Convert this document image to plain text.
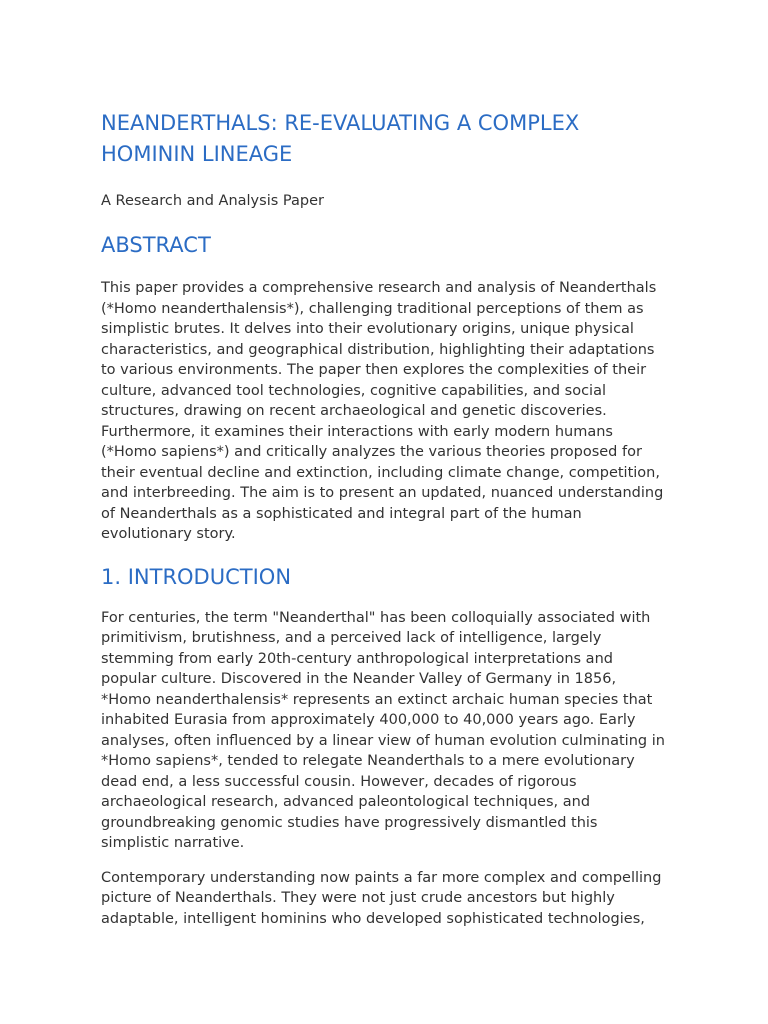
NEANDERTHALS: RE-EVALUATING A COMPLEX HOMININ LINEAGE

A Research and Analysis Paper

ABSTRACT

This paper provides a comprehensive research and analysis of Neanderthals (*Homo neanderthalensis*), challenging traditional perceptions of them as simplistic brutes. It delves into their evolutionary origins, unique physical characteristics, and geographical distribution, highlighting their adaptations to various environments. The paper then explores the complexities of their culture, advanced tool technologies, cognitive capabilities, and social structures, drawing on recent archaeological and genetic discoveries. Furthermore, it examines their interactions with early modern humans (*Homo sapiens*) and critically analyzes the various theories proposed for their eventual decline and extinction, including climate change, competition, and interbreeding. The aim is to present an updated, nuanced understanding of Neanderthals as a sophisticated and integral part of the human evolutionary story.

1. INTRODUCTION

For centuries, the term "Neanderthal" has been colloquially associated with primitivism, brutishness, and a perceived lack of intelligence, largely stemming from early 20th-century anthropological interpretations and popular culture. Discovered in the Neander Valley of Germany in 1856, *Homo neanderthalensis* represents an extinct archaic human species that inhabited Eurasia from approximately 400,000 to 40,000 years ago. Early analyses, often influenced by a linear view of human evolution culminating in *Homo sapiens*, tended to relegate Neanderthals to a mere evolutionary dead end, a less successful cousin. However, decades of rigorous archaeological research, advanced paleontological techniques, and groundbreaking genomic studies have progressively dismantled this simplistic narrative.

Contemporary understanding now paints a far more complex and compelling picture of Neanderthals. They were not just crude ancestors but highly adaptable, intelligent hominins who developed sophisticated technologies,
